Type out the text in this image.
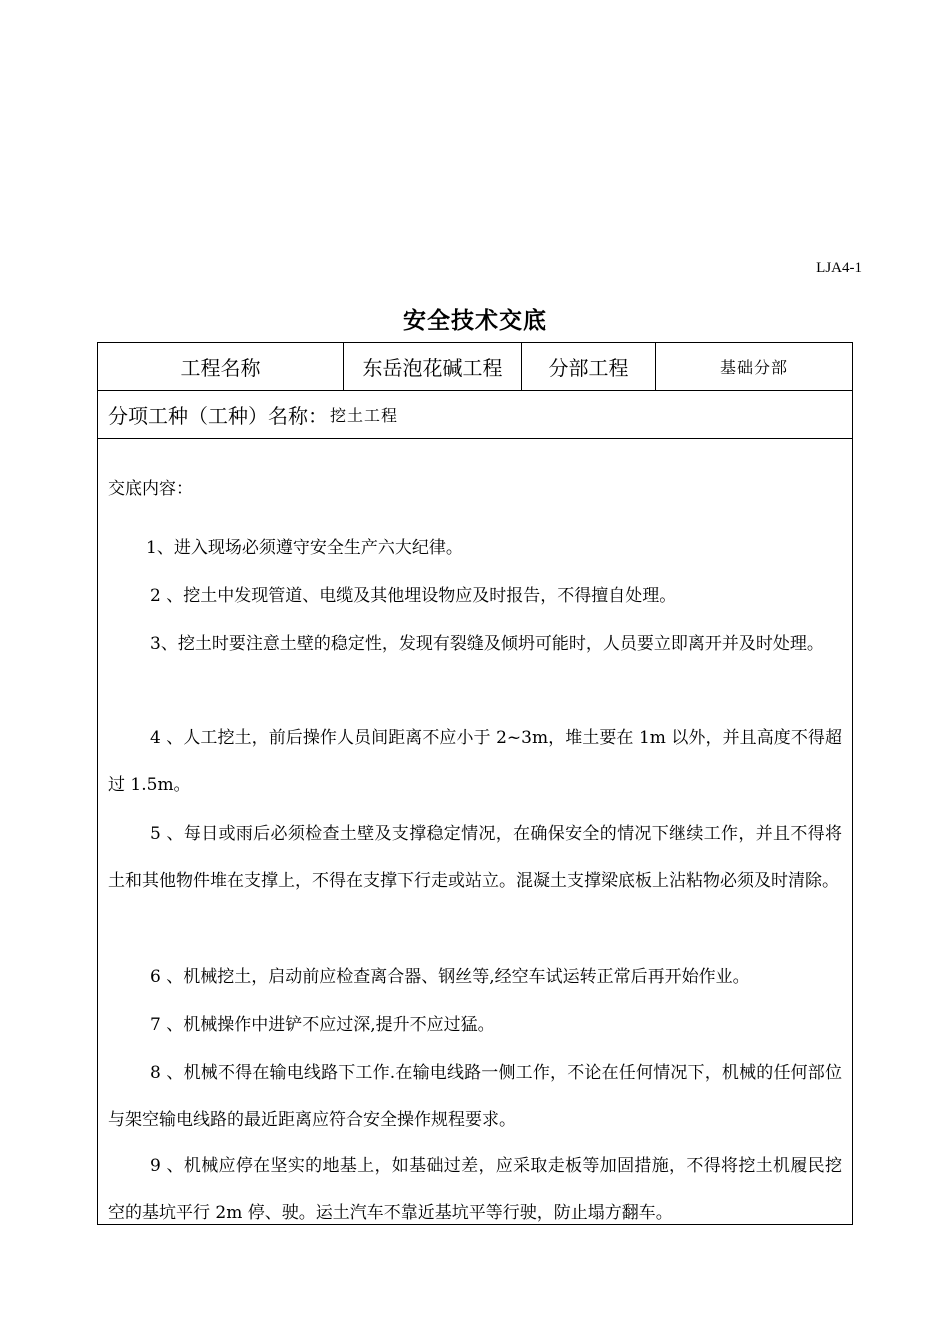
LJA4-1
安全技术交底
工程名称	东岳泡花碱工程	分部工程	基础分部
分项工种（工种）名称： 挖土工程
交底内容：
1、进入现场必须遵守安全生产六大纪律。
2 、挖土中发现管道、电缆及其他埋设物应及时报告，不得擅自处理。
3、挖土时要注意土壁的稳定性，发现有裂缝及倾坍可能时，人员要立即离开并及时处理。
4 、人工挖土，前后操作人员间距离不应小于 2~3m，堆土要在 1m 以外，并且高度不得超过 1.5m。
5 、每日或雨后必须检查土壁及支撑稳定情况，在确保安全的情况下继续工作，并且不得将土和其他物件堆在支撑上，不得在支撑下行走或站立。混凝土支撑梁底板上沾粘物必须及时清除。
6 、机械挖土，启动前应检查离合器、钢丝等,经空车试运转正常后再开始作业。
7 、机械操作中进铲不应过深,提升不应过猛。
8 、机械不得在输电线路下工作.在输电线路一侧工作，不论在任何情况下，机械的任何部位与架空输电线路的最近距离应符合安全操作规程要求。
9 、机械应停在坚实的地基上，如基础过差，应采取走板等加固措施，不得将挖土机履民挖空的基坑平行 2m 停、驶。运土汽车不靠近基坑平等行驶，防止塌方翻车。
